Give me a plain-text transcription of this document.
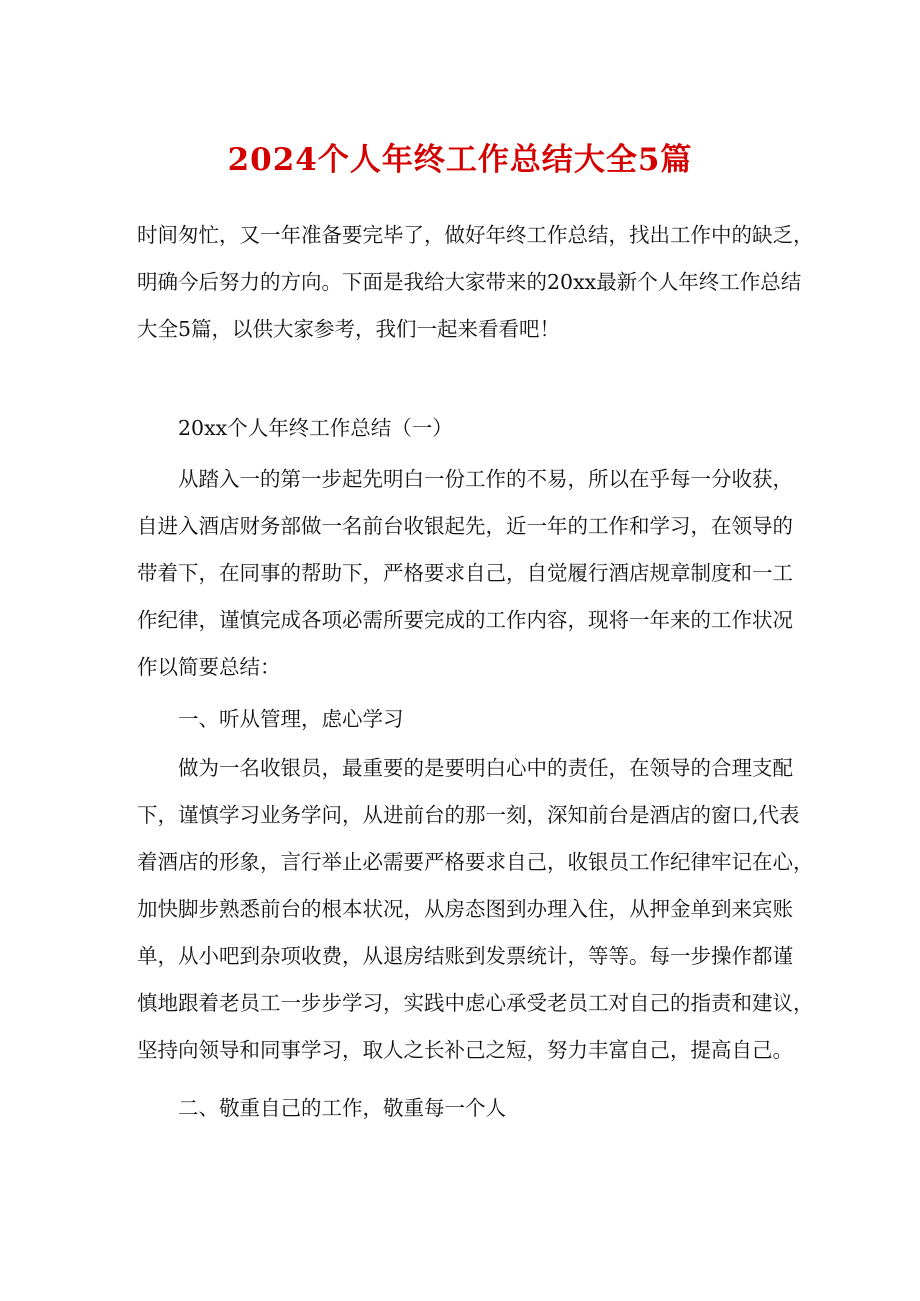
2024个人年终工作总结大全5篇

时间匆忙，又一年准备要完毕了，做好年终工作总结，找出工作中的缺乏，

明确今后努力的方向。下面是我给大家带来的20xx最新个人年终工作总结

大全5篇，以供大家参考，我们一起来看看吧！

20xx个人年终工作总结（一）

从踏入一的第一步起先明白一份工作的不易，所以在乎每一分收获，

自进入酒店财务部做一名前台收银起先，近一年的工作和学习，在领导的

带着下，在同事的帮助下，严格要求自己，自觉履行酒店规章制度和一工

作纪律，谨慎完成各项必需所要完成的工作内容，现将一年来的工作状况

作以简要总结：

一、听从管理，虑心学习

做为一名收银员，最重要的是要明白心中的责任，在领导的合理支配

下，谨慎学习业务学问，从进前台的那一刻，深知前台是酒店的窗口,代表

着酒店的形象，言行举止必需要严格要求自己，收银员工作纪律牢记在心，

加快脚步熟悉前台的根本状况，从房态图到办理入住，从押金单到来宾账

单，从小吧到杂项收费，从退房结账到发票统计，等等。每一步操作都谨

慎地跟着老员工一步步学习，实践中虑心承受老员工对自己的指责和建议，

坚持向领导和同事学习，取人之长补己之短，努力丰富自己，提高自己。

二、敬重自己的工作，敬重每一个人
